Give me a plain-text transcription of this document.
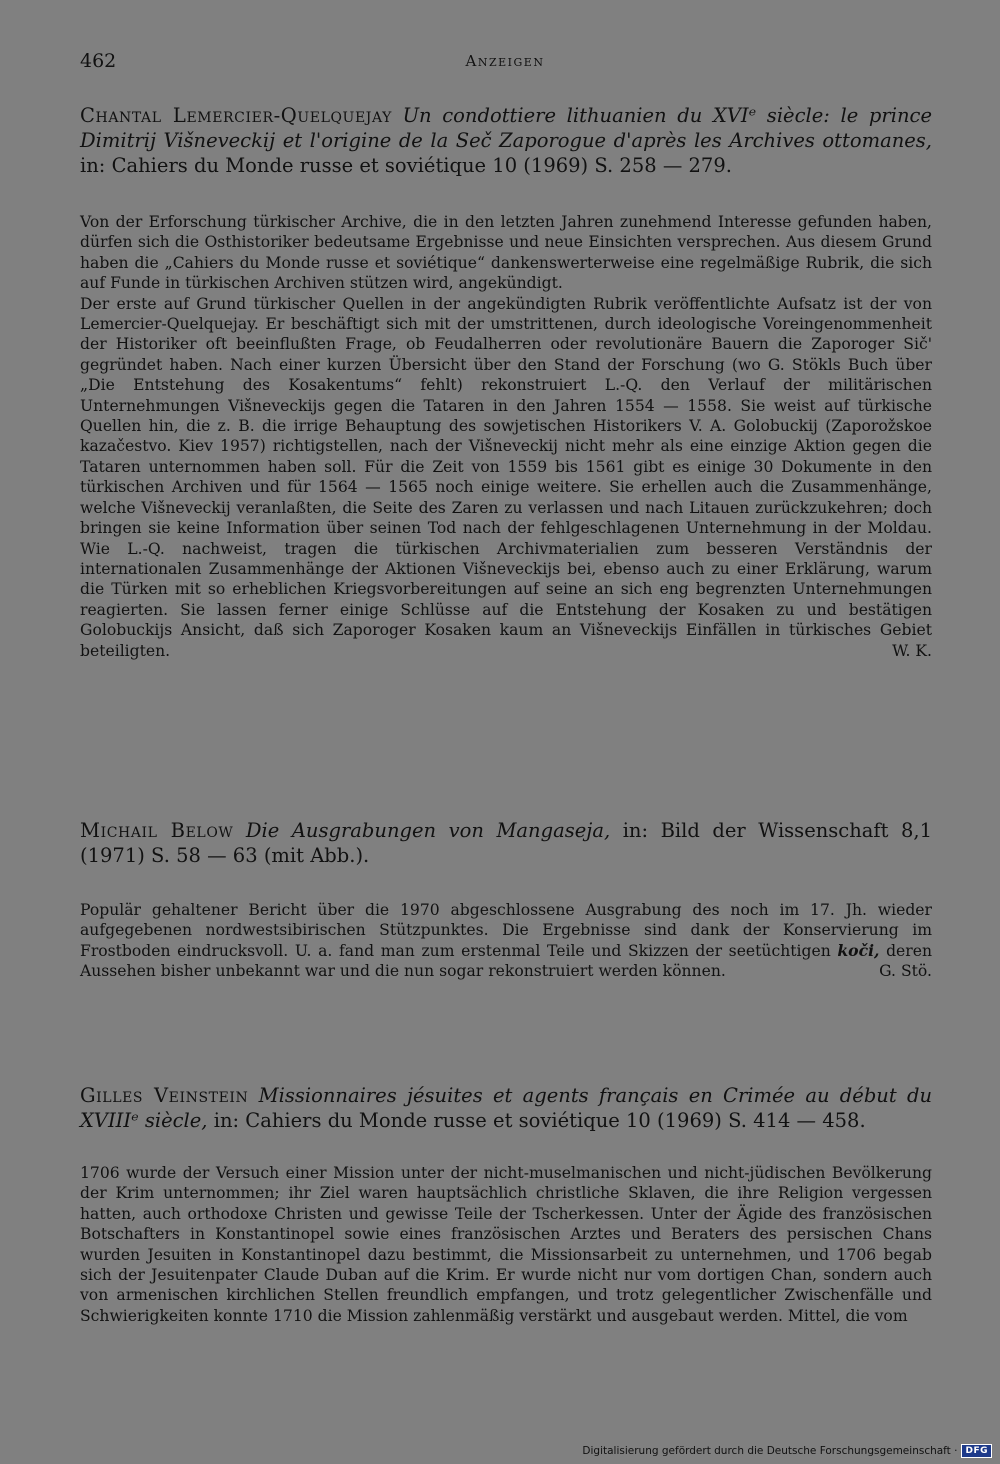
462	Anzeigen

Chantal Lemercier-Quelquejay Un condottiere lithuanien du XVIᵉ siècle: le prince Dimitrij Višneveckij et l'origine de la Seč Zaporogue d'après les Archives ottomanes, in: Cahiers du Monde russe et soviétique 10 (1969) S. 258 — 279.

Von der Erforschung türkischer Archive, die in den letzten Jahren zunehmend Interesse gefunden haben, dürfen sich die Osthistoriker bedeutsame Ergebnisse und neue Einsichten versprechen. Aus diesem Grund haben die „Cahiers du Monde russe et soviétique“ dankenswerterweise eine regelmäßige Rubrik, die sich auf Funde in türkischen Archiven stützen wird, angekündigt.

Der erste auf Grund türkischer Quellen in der angekündigten Rubrik veröffentlichte Aufsatz ist der von Lemercier-Quelquejay. Er beschäftigt sich mit der umstrittenen, durch ideologische Voreingenommenheit der Historiker oft beeinflußten Frage, ob Feudalherren oder revolutionäre Bauern die Zaporoger Sič' gegründet haben. Nach einer kurzen Übersicht über den Stand der Forschung (wo G. Stökls Buch über „Die Entstehung des Kosakentums“ fehlt) rekonstruiert L.-Q. den Verlauf der militärischen Unternehmungen Višneveckijs gegen die Tataren in den Jahren 1554 — 1558. Sie weist auf türkische Quellen hin, die z. B. die irrige Behauptung des sowjetischen Historikers V. A. Golobuckij (Zaporožskoe kazačestvo. Kiev 1957) richtigstellen, nach der Višneveckij nicht mehr als eine einzige Aktion gegen die Tataren unternommen haben soll. Für die Zeit von 1559 bis 1561 gibt es einige 30 Dokumente in den türkischen Archiven und für 1564 — 1565 noch einige weitere. Sie erhellen auch die Zusammenhänge, welche Višneveckij veranlaßten, die Seite des Zaren zu verlassen und nach Litauen zurückzukehren; doch bringen sie keine Information über seinen Tod nach der fehlgeschlagenen Unternehmung in der Moldau. Wie L.-Q. nachweist, tragen die türkischen Archivmaterialien zum besseren Verständnis der internationalen Zusammenhänge der Aktionen Višneveckijs bei, ebenso auch zu einer Erklärung, warum die Türken mit so erheblichen Kriegsvorbereitungen auf seine an sich eng begrenzten Unternehmungen reagierten. Sie lassen ferner einige Schlüsse auf die Entstehung der Kosaken zu und bestätigen Golobuckijs Ansicht, daß sich Zaporoger Kosaken kaum an Višneveckijs Einfällen in türkisches Gebiet beteiligten.	W. K.

Michail Below Die Ausgrabungen von Mangaseja, in: Bild der Wissenschaft 8,1 (1971) S. 58 — 63 (mit Abb.).

Populär gehaltener Bericht über die 1970 abgeschlossene Ausgrabung des noch im 17. Jh. wieder aufgegebenen nordwestsibirischen Stützpunktes. Die Ergebnisse sind dank der Konservierung im Frostboden eindrucksvoll. U. a. fand man zum erstenmal Teile und Skizzen der seetüchtigen koči, deren Aussehen bisher unbekannt war und die nun sogar rekonstruiert werden können.	G. Stö.

Gilles Veinstein Missionnaires jésuites et agents français en Crimée au début du XVIIIᵉ siècle, in: Cahiers du Monde russe et soviétique 10 (1969) S. 414 — 458.

1706 wurde der Versuch einer Mission unter der nicht-muselmanischen und nicht-jüdischen Bevölkerung der Krim unternommen; ihr Ziel waren hauptsächlich christliche Sklaven, die ihre Religion vergessen hatten, auch orthodoxe Christen und gewisse Teile der Tscherkessen. Unter der Ägide des französischen Botschafters in Konstantinopel sowie eines französischen Arztes und Beraters des persischen Chans wurden Jesuiten in Konstantinopel dazu bestimmt, die Missionsarbeit zu unternehmen, und 1706 begab sich der Jesuitenpater Claude Duban auf die Krim. Er wurde nicht nur vom dortigen Chan, sondern auch von armenischen kirchlichen Stellen freundlich empfangen, und trotz gelegentlicher Zwischenfälle und Schwierigkeiten konnte 1710 die Mission zahlenmäßig verstärkt und ausgebaut werden. Mittel, die vom

Digitalisierung gefördert durch die Deutsche Forschungsgemeinschaft · DFG
